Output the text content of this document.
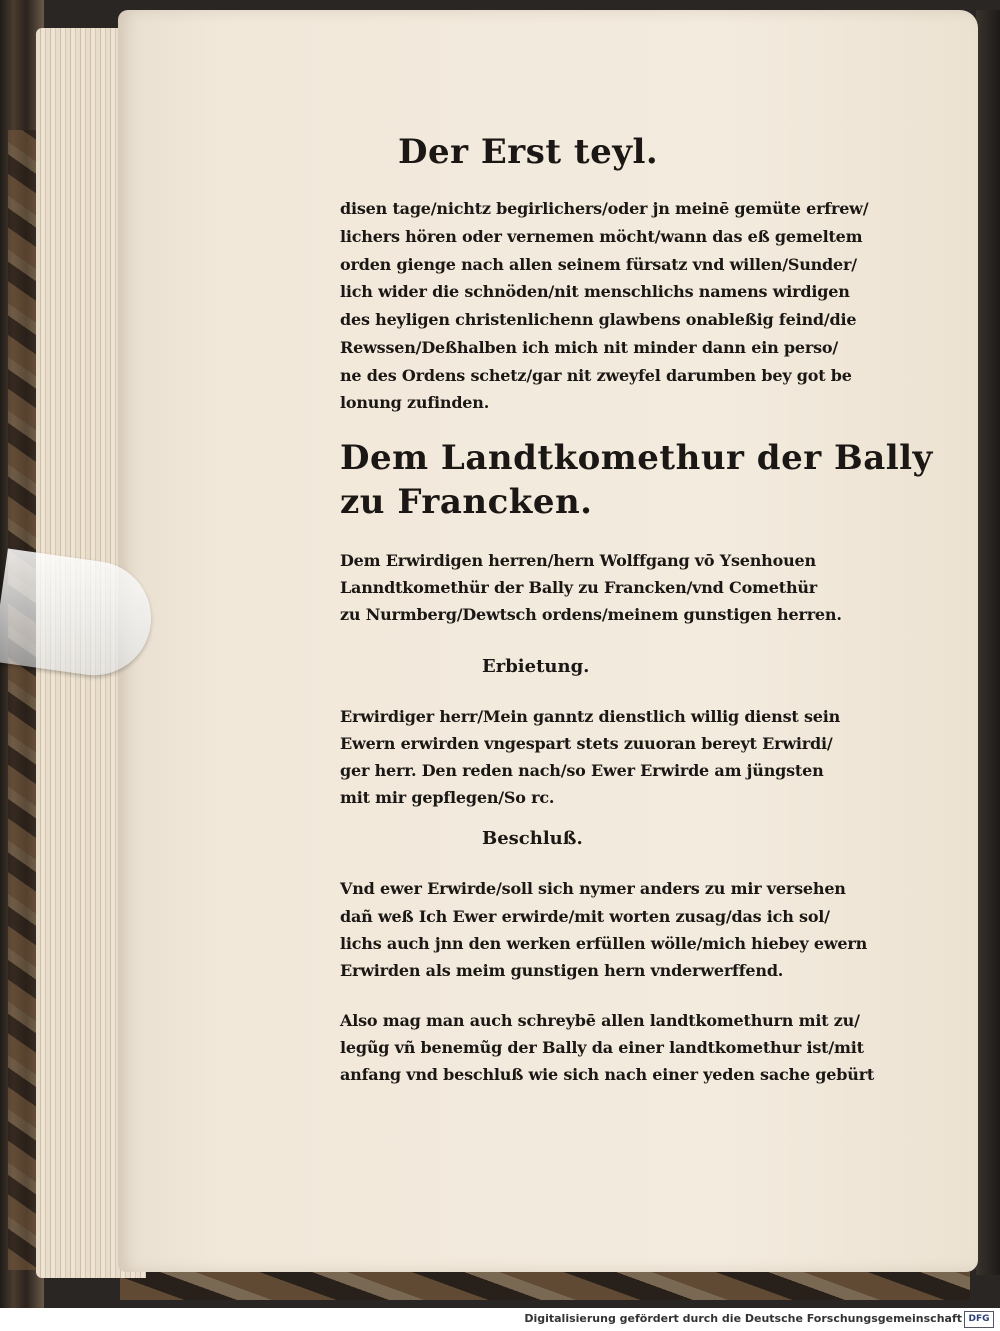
Der Erst teyl.
disen tage/nichtz begirlichers/oder jn meinē gemüte erfrew/
lichers hören oder vernemen möcht/wann das eß gemeltem
orden gienge nach allen seinem fürsatz vnd willen/Sunder/
lich wider die schnöden/nit menschlichs namens wirdigen
des heyligen christenlichenn glawbens onableßig feind/die
Rewssen/Deßhalben ich mich nit minder dann ein perso/
ne des Ordens schetz/gar nit zweyfel darumben bey got be
lonung zufinden.
Dem Landtkomethur der Bally
zu Francken.
Dem Erwirdigen herren/hern Wolffgang vō Ysenhouen
Lanndtkomethür der Bally zu Francken/vnd Comethür
zu Nurmberg/Dewtsch ordens/meinem gunstigen herren.
Erbietung.
Erwirdiger herr/Mein ganntz dienstlich willig dienst sein
Ewern erwirden vngespart stets zuuoran bereyt Erwirdi/
ger herr. Den reden nach/so Ewer Erwirde am jüngsten
mit mir gepflegen/So rc.
Beschluß.
Vnd ewer Erwirde/soll sich nymer anders zu mir versehen
dañ weß Ich Ewer erwirde/mit worten zusag/das ich sol/
lichs auch jnn den werken erfüllen wölle/mich hiebey ewern
Erwirden als meim gunstigen hern vnderwerffend.
Also mag man auch schreybē allen landtkomethurn mit zu/
legũg vñ benemũg der Bally da einer landtkomethur ist/mit
anfang vnd beschluß wie sich nach einer yeden sache gebürt
Digitalisierung gefördert durch die Deutsche Forschungsgemeinschaft DFG
